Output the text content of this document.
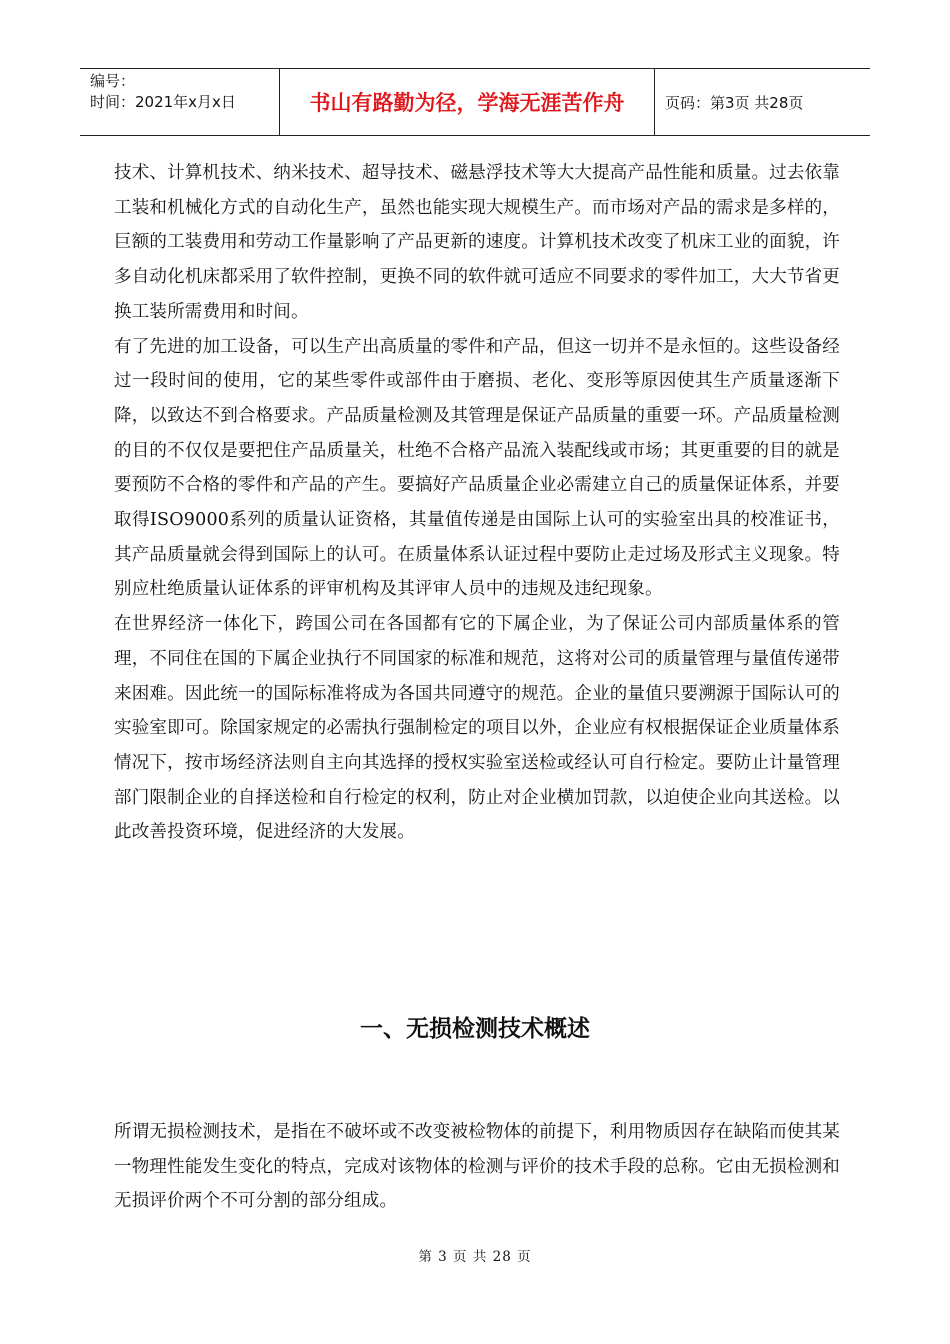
编号：
时间：2021年x月x日	书山有路勤为径，学海无涯苦作舟	页码：第3页 共28页

技术、计算机技术、纳米技术、超导技术、磁悬浮技术等大大提高产品性能和质量。过去依靠工装和机械化方式的自动化生产，虽然也能实现大规模生产。而市场对产品的需求是多样的，巨额的工装费用和劳动工作量影响了产品更新的速度。计算机技术改变了机床工业的面貌，许多自动化机床都采用了软件控制，更换不同的软件就可适应不同要求的零件加工，大大节省更换工装所需费用和时间。

有了先进的加工设备，可以生产出高质量的零件和产品，但这一切并不是永恒的。这些设备经过一段时间的使用，它的某些零件或部件由于磨损、老化、变形等原因使其生产质量逐渐下降，以致达不到合格要求。产品质量检测及其管理是保证产品质量的重要一环。产品质量检测的目的不仅仅是要把住产品质量关，杜绝不合格产品流入装配线或市场；其更重要的目的就是要预防不合格的零件和产品的产生。要搞好产品质量企业必需建立自己的质量保证体系，并要取得ISO9000系列的质量认证资格，其量值传递是由国际上认可的实验室出具的校准证书，其产品质量就会得到国际上的认可。在质量体系认证过程中要防止走过场及形式主义现象。特别应杜绝质量认证体系的评审机构及其评审人员中的违规及违纪现象。

在世界经济一体化下，跨国公司在各国都有它的下属企业，为了保证公司内部质量体系的管理，不同住在国的下属企业执行不同国家的标准和规范，这将对公司的质量管理与量值传递带来困难。因此统一的国际标准将成为各国共同遵守的规范。企业的量值只要溯源于国际认可的实验室即可。除国家规定的必需执行强制检定的项目以外，企业应有权根据保证企业质量体系情况下，按市场经济法则自主向其选择的授权实验室送检或经认可自行检定。要防止计量管理部门限制企业的自择送检和自行检定的权利，防止对企业横加罚款，以迫使企业向其送检。以此改善投资环境，促进经济的大发展。

一、无损检测技术概述

所谓无损检测技术，是指在不破坏或不改变被检物体的前提下，利用物质因存在缺陷而使其某一物理性能发生变化的特点，完成对该物体的检测与评价的技术手段的总称。它由无损检测和无损评价两个不可分割的部分组成。

第 3 页 共 28 页
